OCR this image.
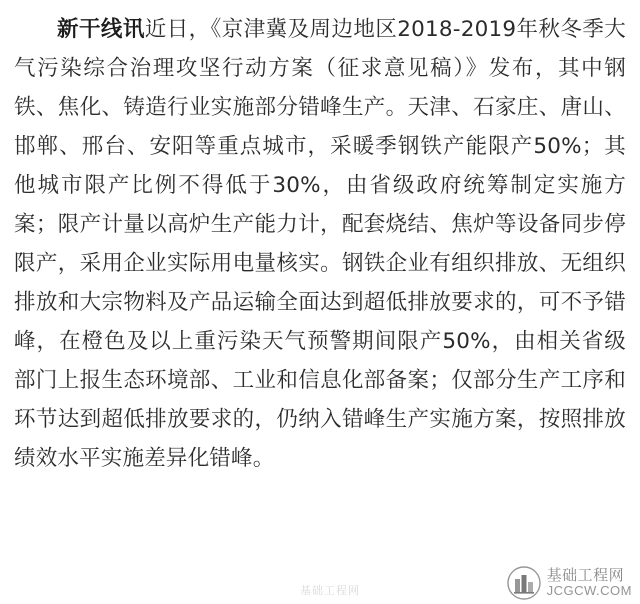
新干线讯近日，《京津冀及周边地区2018-2019年秋冬季大气污染综合治理攻坚行动方案（征求意见稿）》发布，其中钢铁、焦化、铸造行业实施部分错峰生产。天津、石家庄、唐山、邯郸、邢台、安阳等重点城市，采暖季钢铁产能限产50%；其他城市限产比例不得低于30%，由省级政府统筹制定实施方案；限产计量以高炉生产能力计，配套烧结、焦炉等设备同步停限产，采用企业实际用电量核实。钢铁企业有组织排放、无组织排放和大宗物料及产品运输全面达到超低排放要求的，可不予错峰，在橙色及以上重污染天气预警期间限产50%，由相关省级部门上报生态环境部、工业和信息化部备案；仅部分生产工序和环节达到超低排放要求的，仍纳入错峰生产实施方案，按照排放绩效水平实施差异化错峰。

基础工程网
基础工程网
JCGCW.COM
